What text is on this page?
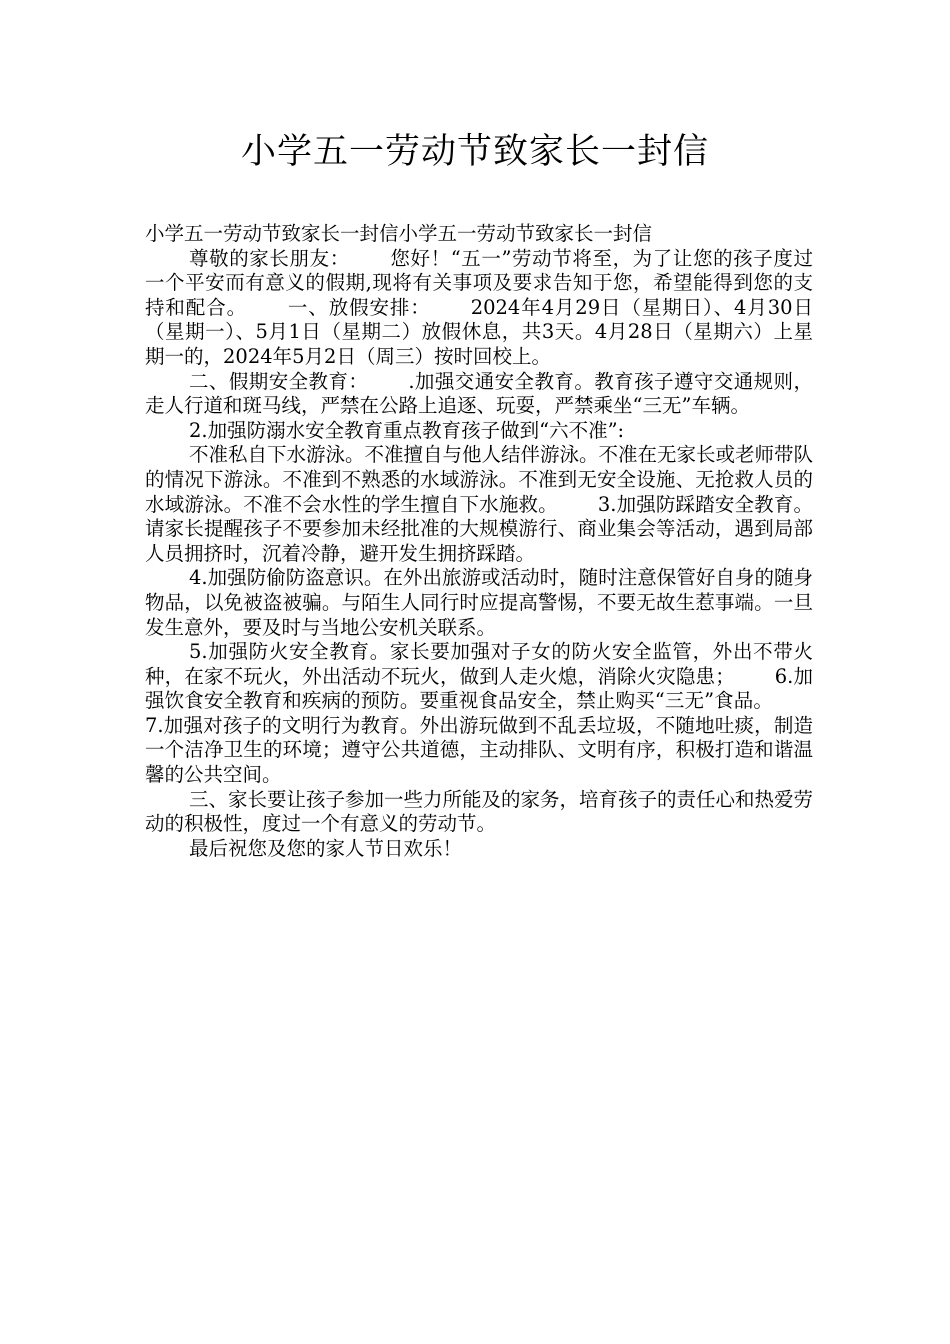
小学五一劳动节致家长一封信

小学五一劳动节致家长一封信小学五一劳动节致家长一封信

尊敬的家长朋友： 您好！“五一”劳动节将至，为了让您的孩子度过一个平安而有意义的假期,现将有关事项及要求告知于您，希望能得到您的支持和配合。 一、放假安排： 2024年4月29日（星期日）、4月30日（星期一）、5月1日（星期二）放假休息，共3天。4月28日（星期六）上星期一的，2024年5月2日（周三）按时回校上。

二、假期安全教育： .加强交通安全教育。教育孩子遵守交通规则，走人行道和斑马线，严禁在公路上追逐、玩耍，严禁乘坐“三无”车辆。

2.加强防溺水安全教育重点教育孩子做到“六不准”:

不准私自下水游泳。不准擅自与他人结伴游泳。不准在无家长或老师带队的情况下游泳。不准到不熟悉的水域游泳。不准到无安全设施、无抢救人员的水域游泳。不准不会水性的学生擅自下水施救。 3.加强防踩踏安全教育。请家长提醒孩子不要参加未经批准的大规模游行、商业集会等活动，遇到局部人员拥挤时，沉着冷静，避开发生拥挤踩踏。

4.加强防偷防盗意识。在外出旅游或活动时，随时注意保管好自身的随身物品，以免被盗被骗。与陌生人同行时应提高警惕，不要无故生惹事端。一旦发生意外，要及时与当地公安机关联系。

5.加强防火安全教育。家长要加强对子女的防火安全监管，外出不带火种，在家不玩火，外出活动不玩火，做到人走火熄，消除火灾隐患； 6.加强饮食安全教育和疾病的预防。要重视食品安全，禁止购买“三无”食品。7.加强对孩子的文明行为教育。外出游玩做到不乱丢垃圾，不随地吐痰，制造一个洁净卫生的环境；遵守公共道德，主动排队、文明有序，积极打造和谐温馨的公共空间。

三、家长要让孩子参加一些力所能及的家务，培育孩子的责任心和热爱劳动的积极性，度过一个有意义的劳动节。

最后祝您及您的家人节日欢乐！
